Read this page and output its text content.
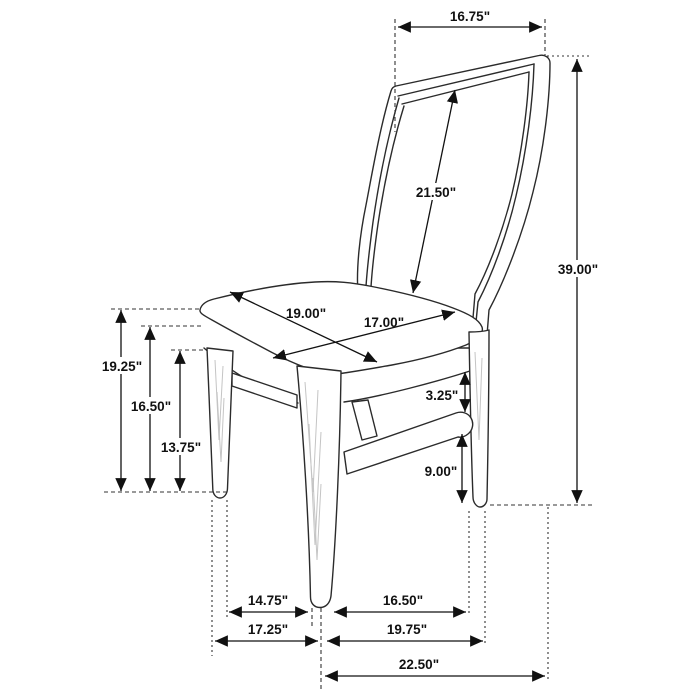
16.75"
39.00"
21.50"
19.00"
17.00"
19.25"
16.50"
13.75"
3.25"
9.00"
14.75"	16.50"
17.25"	19.75"
22.50"
